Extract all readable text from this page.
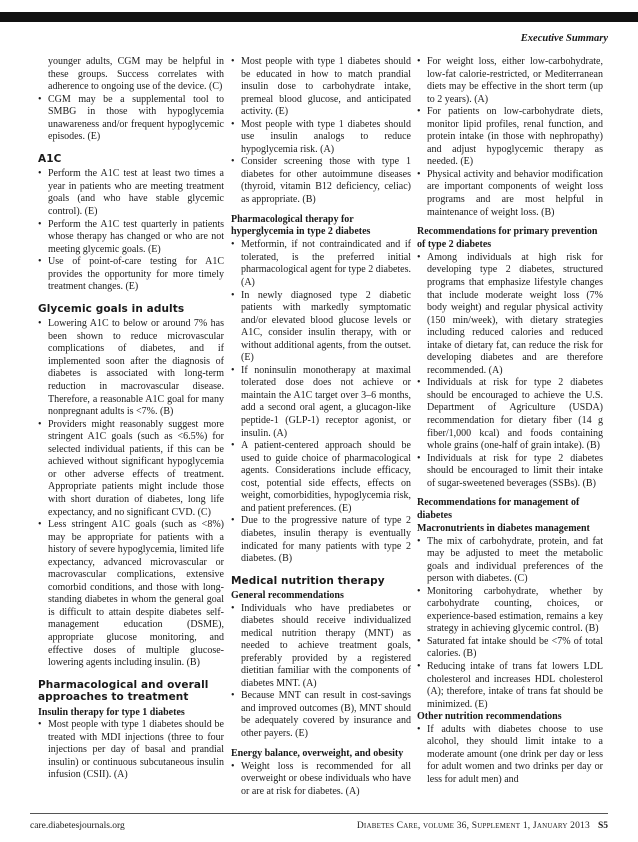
Executive Summary
younger adults, CGM may be helpful in these groups. Success correlates with adherence to ongoing use of the device. (C)
• CGM may be a supplemental tool to SMBG in those with hypoglycemia unawareness and/or frequent hypoglycemic episodes. (E)
A1C
• Perform the A1C test at least two times a year in patients who are meeting treatment goals (and who have stable glycemic control). (E)
• Perform the A1C test quarterly in patients whose therapy has changed or who are not meeting glycemic goals. (E)
• Use of point-of-care testing for A1C provides the opportunity for more timely treatment changes. (E)
Glycemic goals in adults
• Lowering A1C to below or around 7% has been shown to reduce microvascular complications of diabetes, and if implemented soon after the diagnosis of diabetes is associated with long-term reduction in macrovascular disease. Therefore, a reasonable A1C goal for many nonpregnant adults is <7%. (B)
• Providers might reasonably suggest more stringent A1C goals (such as <6.5%) for selected individual patients, if this can be achieved without significant hypoglycemia or other adverse effects of treatment. Appropriate patients might include those with short duration of diabetes, long life expectancy, and no significant CVD. (C)
• Less stringent A1C goals (such as <8%) may be appropriate for patients with a history of severe hypoglycemia, limited life expectancy, advanced microvascular or macrovascular complications, extensive comorbid conditions, and those with long-standing diabetes in whom the general goal is difficult to attain despite diabetes self-management education (DSME), appropriate glucose monitoring, and effective doses of multiple glucose-lowering agents including insulin. (B)
Pharmacological and overall approaches to treatment
Insulin therapy for type 1 diabetes
• Most people with type 1 diabetes should be treated with MDI injections (three to four injections per day of basal and prandial insulin) or continuous subcutaneous insulin infusion (CSII). (A)
• Most people with type 1 diabetes should be educated in how to match prandial insulin dose to carbohydrate intake, premeal blood glucose, and anticipated activity. (E)
• Most people with type 1 diabetes should use insulin analogs to reduce hypoglycemia risk. (A)
• Consider screening those with type 1 diabetes for other autoimmune diseases (thyroid, vitamin B12 deficiency, celiac) as appropriate. (B)
Pharmacological therapy for hyperglycemia in type 2 diabetes
• Metformin, if not contraindicated and if tolerated, is the preferred initial pharmacological agent for type 2 diabetes. (A)
• In newly diagnosed type 2 diabetic patients with markedly symptomatic and/or elevated blood glucose levels or A1C, consider insulin therapy, with or without additional agents, from the outset. (E)
• If noninsulin monotherapy at maximal tolerated dose does not achieve or maintain the A1C target over 3–6 months, add a second oral agent, a glucagon-like peptide-1 (GLP-1) receptor agonist, or insulin. (A)
• A patient-centered approach should be used to guide choice of pharmacological agents. Considerations include efficacy, cost, potential side effects, effects on weight, comorbidities, hypoglycemia risk, and patient preferences. (E)
• Due to the progressive nature of type 2 diabetes, insulin therapy is eventually indicated for many patients with type 2 diabetes. (B)
Medical nutrition therapy
General recommendations
• Individuals who have prediabetes or diabetes should receive individualized medical nutrition therapy (MNT) as needed to achieve treatment goals, preferably provided by a registered dietitian familiar with the components of diabetes MNT. (A)
• Because MNT can result in cost-savings and improved outcomes (B), MNT should be adequately covered by insurance and other payers. (E)
Energy balance, overweight, and obesity
• Weight loss is recommended for all overweight or obese individuals who have or are at risk for diabetes. (A)
• For weight loss, either low-carbohydrate, low-fat calorie-restricted, or Mediterranean diets may be effective in the short term (up to 2 years). (A)
• For patients on low-carbohydrate diets, monitor lipid profiles, renal function, and protein intake (in those with nephropathy) and adjust hypoglycemic therapy as needed. (E)
• Physical activity and behavior modification are important components of weight loss programs and are most helpful in maintenance of weight loss. (B)
Recommendations for primary prevention of type 2 diabetes
• Among individuals at high risk for developing type 2 diabetes, structured programs that emphasize lifestyle changes that include moderate weight loss (7% body weight) and regular physical activity (150 min/week), with dietary strategies including reduced calories and reduced intake of dietary fat, can reduce the risk for developing diabetes and are therefore recommended. (A)
• Individuals at risk for type 2 diabetes should be encouraged to achieve the U.S. Department of Agriculture (USDA) recommendation for dietary fiber (14 g fiber/1,000 kcal) and foods containing whole grains (one-half of grain intake). (B)
• Individuals at risk for type 2 diabetes should be encouraged to limit their intake of sugar-sweetened beverages (SSBs). (B)
Recommendations for management of diabetes
Macronutrients in diabetes management
• The mix of carbohydrate, protein, and fat may be adjusted to meet the metabolic goals and individual preferences of the person with diabetes. (C)
• Monitoring carbohydrate, whether by carbohydrate counting, choices, or experience-based estimation, remains a key strategy in achieving glycemic control. (B)
• Saturated fat intake should be <7% of total calories. (B)
• Reducing intake of trans fat lowers LDL cholesterol and increases HDL cholesterol (A); therefore, intake of trans fat should be minimized. (E)
Other nutrition recommendations
• If adults with diabetes choose to use alcohol, they should limit intake to a moderate amount (one drink per day or less for adult women and two drinks per day or less for adult men) and
care.diabetesjournals.org	Diabetes Care, volume 36, Supplement 1, January 2013 S5
